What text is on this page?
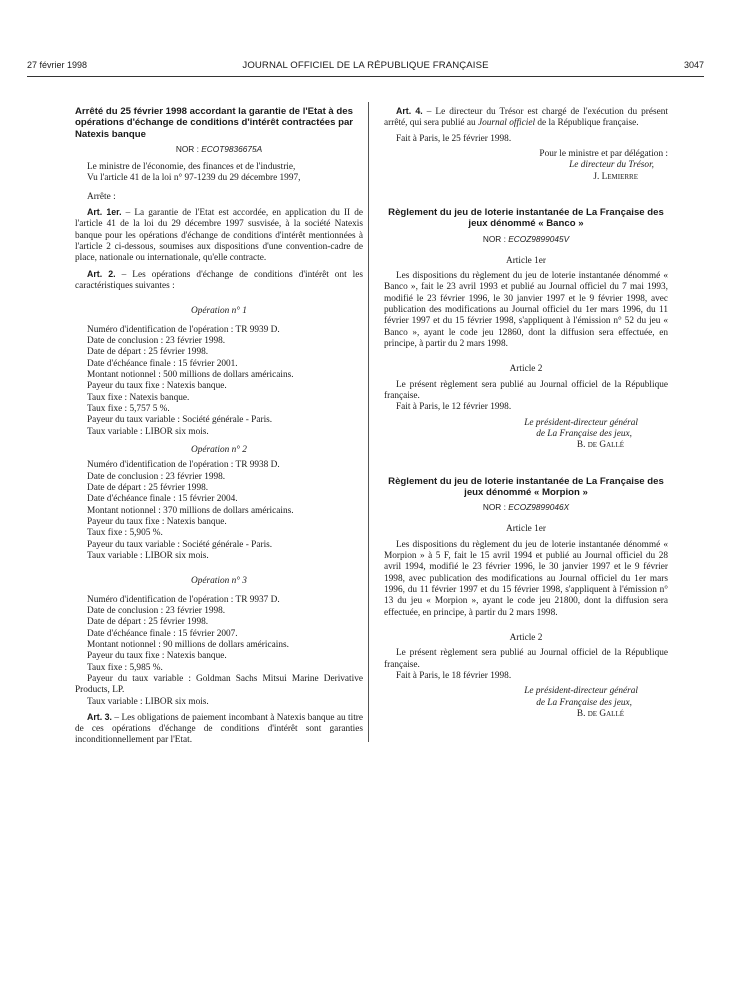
27 février 1998	JOURNAL OFFICIEL DE LA RÉPUBLIQUE FRANÇAISE	3047
Arrêté du 25 février 1998 accordant la garantie de l'Etat à des opérations d'échange de conditions d'intérêt contractées par Natexis banque
NOR : ECOT9836675A

Le ministre de l'économie, des finances et de l'industrie,

Vu l'article 41 de la loi n° 97-1239 du 29 décembre 1997,

Arrête :

Art. 1er. – La garantie de l'Etat est accordée, en application du II de l'article 41 de la loi du 29 décembre 1997 susvisée, à la société Natexis banque pour les opérations d'échange de conditions d'intérêt mentionnées à l'article 2 ci-dessous, soumises aux dispositions d'une convention-cadre de place, nationale ou internationale, qu'elle contracte.

Art. 2. – Les opérations d'échange de conditions d'intérêt ont les caractéristiques suivantes :

Opération n° 1

Numéro d'identification de l'opération : TR 9939 D.

Date de conclusion : 23 février 1998.

Date de départ : 25 février 1998.

Date d'échéance finale : 15 février 2001.

Montant notionnel : 500 millions de dollars américains.

Payeur du taux fixe : Natexis banque.

Taux fixe : Natexis banque.

Taux fixe : 5,757 5 %.

Payeur du taux variable : Société générale - Paris.

Taux variable : LIBOR six mois.

Opération n° 2

Numéro d'identification de l'opération : TR 9938 D.

Date de conclusion : 23 février 1998.

Date de départ : 25 février 1998.

Date d'échéance finale : 15 février 2004.

Montant notionnel : 370 millions de dollars américains.

Payeur du taux fixe : Natexis banque.

Taux fixe : 5,905 %.

Payeur du taux variable : Société générale - Paris.

Taux variable : LIBOR six mois.

Opération n° 3

Numéro d'identification de l'opération : TR 9937 D.

Date de conclusion : 23 février 1998.

Date de départ : 25 février 1998.

Date d'échéance finale : 15 février 2007.

Montant notionnel : 90 millions de dollars américains.

Payeur du taux fixe : Natexis banque.

Taux fixe : 5,985 %.

Payeur du taux variable : Goldman Sachs Mitsui Marine Derivative Products, LP.

Taux variable : LIBOR six mois.

Art. 3. – Les obligations de paiement incombant à Natexis banque au titre de ces opérations d'échange de conditions d'intérêt sont garanties inconditionnellement par l'Etat.

Art. 4. – Le directeur du Trésor est chargé de l'exécution du présent arrêté, qui sera publié au Journal officiel de la République française.

Fait à Paris, le 25 février 1998.

Pour le ministre et par délégation :

Le directeur du Trésor,

J. Lemierre

Règlement du jeu de loterie instantanée de La Française des jeux dénommé « Banco »
NOR : ECOZ9899045V

Article 1er

Les dispositions du règlement du jeu de loterie instantanée dénommé « Banco », fait le 23 avril 1993 et publié au Journal officiel du 7 mai 1993, modifié le 23 février 1996, le 30 janvier 1997 et le 9 février 1998, avec publication des modifications au Journal officiel du 1er mars 1996, du 11 février 1997 et du 15 février 1998, s'appliquent à l'émission n° 52 du jeu « Banco », ayant le code jeu 12860, dont la diffusion sera effectuée, en principe, à partir du 2 mars 1998.

Article 2

Le présent règlement sera publié au Journal officiel de la République française.

Fait à Paris, le 12 février 1998.

Le président-directeur général

de La Française des jeux,

B. de Gallé

Règlement du jeu de loterie instantanée de La Française des jeux dénommé « Morpion »
NOR : ECOZ9899046X

Article 1er

Les dispositions du règlement du jeu de loterie instantanée dénommé « Morpion » à 5 F, fait le 15 avril 1994 et publié au Journal officiel du 28 avril 1994, modifié le 23 février 1996, le 30 janvier 1997 et le 9 février 1998, avec publication des modifications au Journal officiel du 1er mars 1996, du 11 février 1997 et du 15 février 1998, s'appliquent à l'émission n° 13 du jeu « Morpion », ayant le code jeu 21800, dont la diffusion sera effectuée, en principe, à partir du 2 mars 1998.

Article 2

Le présent règlement sera publié au Journal officiel de la République française.

Fait à Paris, le 18 février 1998.

Le président-directeur général

de La Française des jeux,

B. de Gallé
